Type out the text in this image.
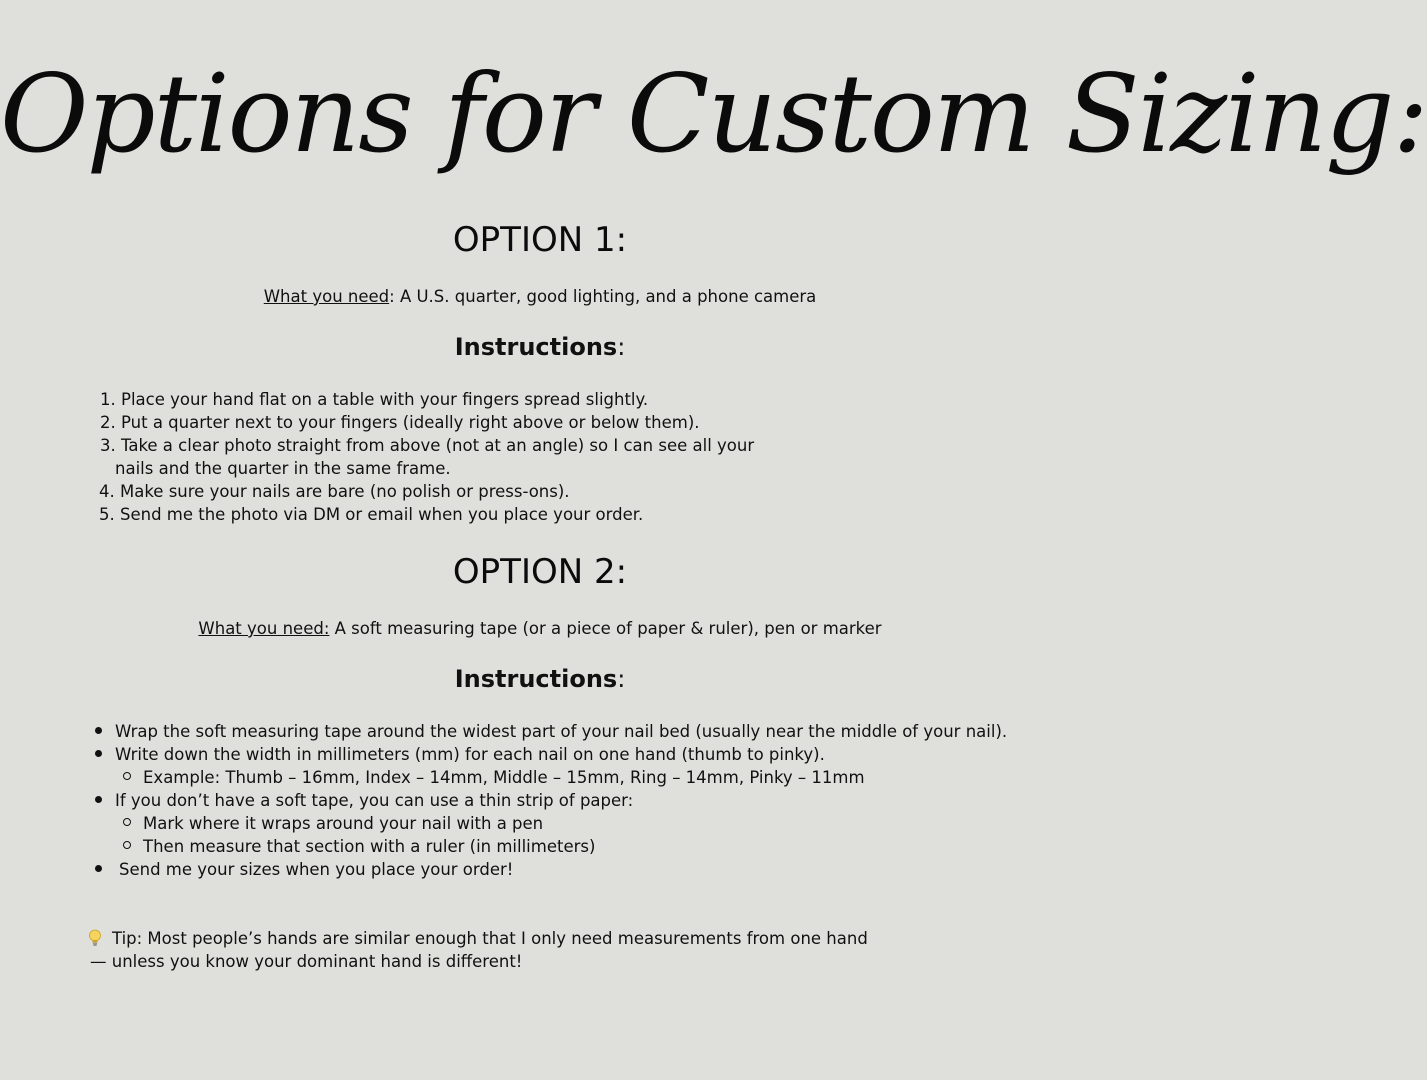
Options for Custom Sizing:
OPTION 1:
What you need: A U.S. quarter, good lighting, and a phone camera
Instructions:
1. Place your hand flat on a table with your fingers spread slightly.
2. Put a quarter next to your fingers (ideally right above or below them).
3. Take a clear photo straight from above (not at an angle) so I can see all your
nails and the quarter in the same frame.
4. Make sure your nails are bare (no polish or press-ons).
5. Send me the photo via DM or email when you place your order.
OPTION 2:
What you need: A soft measuring tape (or a piece of paper & ruler), pen or marker
Instructions:
Wrap the soft measuring tape around the widest part of your nail bed (usually near the middle of your nail).
Write down the width in millimeters (mm) for each nail on one hand (thumb to pinky).
Example: Thumb – 16mm, Index – 14mm, Middle – 15mm, Ring – 14mm, Pinky – 11mm
If you don’t have a soft tape, you can use a thin strip of paper:
Mark where it wraps around your nail with a pen
Then measure that section with a ruler (in millimeters)
Send me your sizes when you place your order!
Tip: Most people’s hands are similar enough that I only need measurements from one hand
— unless you know your dominant hand is different!
